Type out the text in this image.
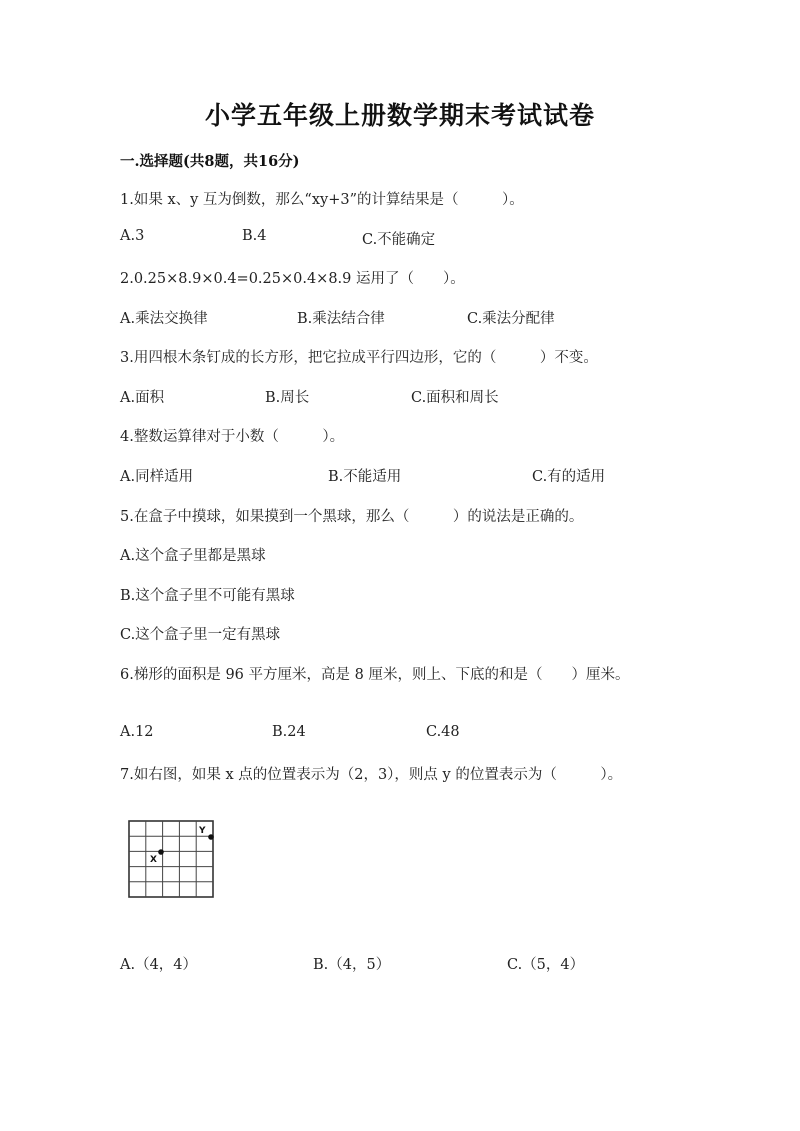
小学五年级上册数学期末考试试卷
一.选择题(共8题，共16分)
1.如果 x、y 互为倒数，那么“xy+3”的计算结果是（　　　）。
A.3	B.4	C.不能确定
2.0.25×8.9×0.4=0.25×0.4×8.9 运用了（　　）。
A.乘法交换律	B.乘法结合律	C.乘法分配律
3.用四根木条钉成的长方形，把它拉成平行四边形，它的（　　　）不变。
A.面积	B.周长	C.面积和周长
4.整数运算律对于小数（　　　）。
A.同样适用	B.不能适用	C.有的适用
5.在盒子中摸球，如果摸到一个黑球，那么（　　　）的说法是正确的。
A.这个盒子里都是黑球
B.这个盒子里不可能有黑球
C.这个盒子里一定有黑球
6.梯形的面积是 96 平方厘米，高是 8 厘米，则上、下底的和是（　　）厘米。
A.12	B.24	C.48
7.如右图，如果 x 点的位置表示为（2，3），则点 y 的位置表示为（　　　）。
X
Y
A.（4，4）	B.（4，5）	C.（5，4）
